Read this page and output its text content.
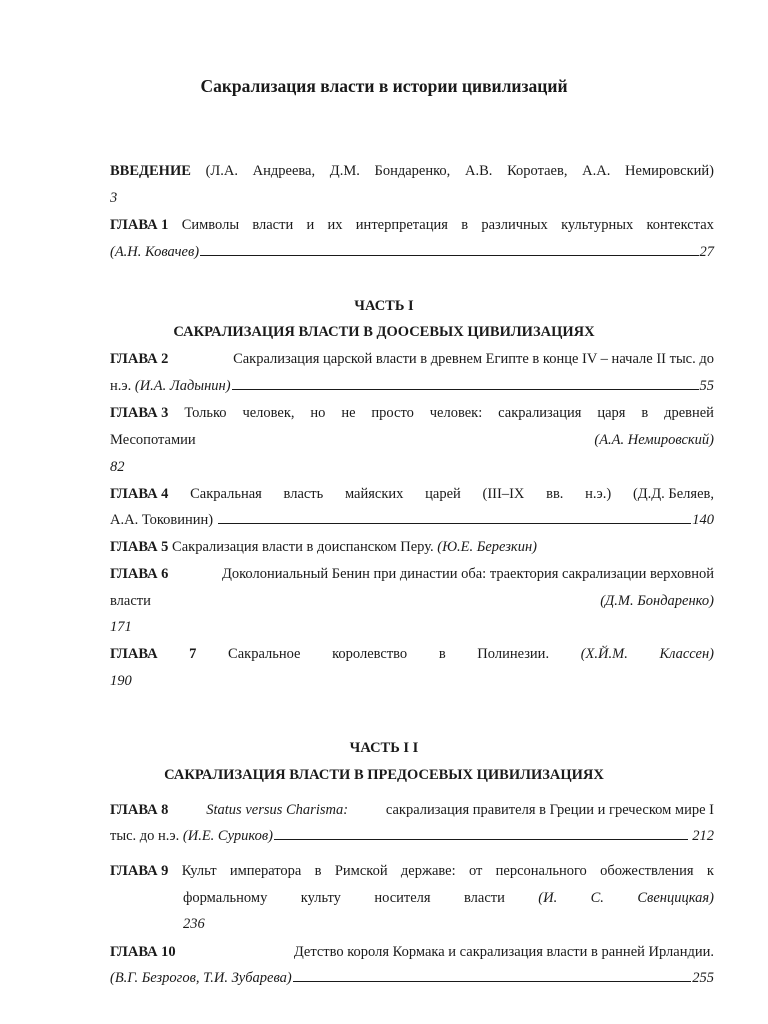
Сакрализация власти в истории цивилизаций
ВВЕДЕНИЕ (Л.А. Андреева, Д.М. Бондаренко, А.В. Коротаев, А.А. Немировский)
3
ГЛАВА 1 Символы власти и их интерпретация в различных культурных контекстах
(А.Н. Ковачев)	27
ЧАСТЬ I
САКРАЛИЗАЦИЯ ВЛАСТИ В ДООСЕВЫХ ЦИВИЛИЗАЦИЯХ
ГЛАВА 2	Сакрализация царской власти в древнем Египте в конце IV – начале II тыс. до
н.э.
(И.А. Ладынин)	55
ГЛАВА 3 Только человек, но не просто человек: сакрализация царя в древней
Месопотамии	(А.А. Немировский)
82
ГЛАВА 4 Сакральная власть майяских царей (III–IX вв. н.э.) (Д.Д. Беляев,
А.А. Токовинин)
	140
ГЛАВА 5 Сакрализация власти в доиспанском Перу. (Ю.Е. Березкин)
ГЛАВА 6	Доколониальный Бенин при династии оба: траектория сакрализации верховной
власти	(Д.М. Бондаренко)
171
ГЛАВА 7 Сакральное королевство в Полинезии. (Х.Й.М. Классен)
190
ЧАСТЬ I I
САКРАЛИЗАЦИЯ ВЛАСТИ В ПРЕДОСЕВЫХ ЦИВИЛИЗАЦИЯХ
ГЛАВА 8	Status versus Charisma:	сакрализация правителя в Греции и греческом мире I
тыс. до н.э.
(И.Е. Суриков)
	212
ГЛАВА 9 Культ императора в Римской державе: от персонального обожествления к
формальному культу носителя власти (И. С. Свенцицкая)
236
ГЛАВА 10	Детство короля Кормака и сакрализация власти в ранней Ирландии.
(В.Г. Безрогов, Т.И. Зубарева)	255
